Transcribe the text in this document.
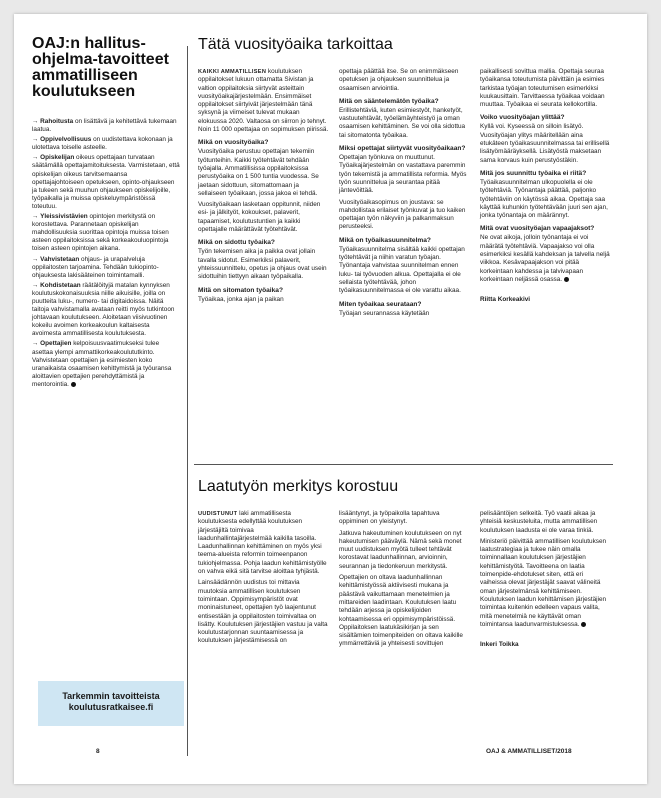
OAJ:n hallitus-ohjelma-tavoitteet ammatilliseen koulutukseen

→ Rahoitusta on lisättävä ja kehitettävä tukemaan laatua.

→ Oppivelvollisuus on uudistettava kokonaan ja ulotettava toiselle asteelle.

→ Opiskelijan oikeus opettajaan turvataan säätämällä opettajamitoituksesta. Varmistetaan, että opiskelijan oikeus tarvitsemaansa opettajajohtoiseen opetukseen, opinto-ohjaukseen ja tukeen sekä muuhun ohjaukseen opiskelijoille, työpaikalla ja muissa opiskeluympäristöissä toteutuu.

→ Yleissivistävien opintojen merkitystä on korostettava. Parannetaan opiskelijan mahdollisuuksia suorittaa opintoja muissa toisen asteen oppilaitoksissa sekä korkeakouluopintoja toisen asteen opintojen aikana.

→ Vahvistetaan ohjaus- ja urapalveluja oppilaitosten tarjoamina. Tehdään tukiopinto-ohjauksesta lakisääteinen toimintamalli.

→ Kohdistetaan räätälöityjä matalan kynnyksen koulutuskokonaisuuksia niille aikuisille, joilla on puutteita luku-, numero- tai digitaidoissa. Näitä taitoja vahvistamalla avataan reitti myös tutkintoon johtavaan koulutukseen. Aloitetaan viisivuotinen kokeilu avoimen korkeakoulun kaltaisesta avoimesta ammatillisesta koulutuksesta.

→ Opettajien kelpoisuusvaatimukseksi tulee asettaa ylempi ammattikorkeakoulututkinto. Vahvistetaan opettajien ja esimiesten koko uranaikaista osaamisen kehittymistä ja työuransa aloittavien opettajien perehdyttämistä ja mentorointia.

Tarkemmin tavoitteista
koulutusratkaisee.fi
Tätä vuosityöaika tarkoittaa

KAIKKI AMMATILLISEN koulutuksen oppilaitokset lukuun ottamatta Sivistan ja valtion oppilaitoksia siirtyvät asteittain vuosityöaikajärjestelmään. Ensimmäiset oppilaitokset siirtyivät järjestelmään tänä syksynä ja viimeiset tulevat mukaan elokuussa 2020. Valtaosa on siirron jo tehnyt. Noin 11 000 opettajaa on sopimuksen piirissä.

Mikä on vuosityöaika?

Vuosityöaika perustuu opettajan tekemiin työtunteihin. Kaikki työtehtävät tehdään työajalla. Ammatillisissa oppilaitoksissa perustyöaika on 1 500 tuntia vuodessa. Se jaetaan sidottuun, sitomattomaan ja sellaiseen työaikaan, jossa jakoa ei tehdä.

Vuosityöaikaan lasketaan oppitunnit, niiden esi- ja jälkityöt, kokoukset, palaverit, tapaamiset, koulutustuntien ja kaikki opettajalle määrättävät työtehtävät.

Mikä on sidottu työaika?

Työn tekemisen aika ja paikka ovat jollain tavalla sidotut. Esimerkiksi palaverit, yhteissuunnittelu, opetus ja ohjaus ovat usein sidottuihin tiettyyn aikaan työpaikalla.

Mitä on sitomaton työaika?

Työaikaa, jonka ajan ja paikan

opettaja päättää itse. Se on enimmäkseen opetuksen ja ohjauksen suunnittelua ja osaamisen arviointia.

Mitä on sääntelemätön työaika?

Erillistehtäviä, kuten esimiestyöt, hanketyöt, vastuutehtävät, työelämäyhteistyö ja oman osaamisen kehittäminen. Se voi olla sidottua tai sitomatonta työaikaa.

Miksi opettajat siirtyvät vuosityöaikaan?

Opettajan työnkuva on muuttunut. Työaikajärjestelmän on vastattava paremmin työn tekemistä ja ammatillista reformia. Myös työn suunnittelua ja seurantaa pitää jäntevöittää.

Vuosityöaikasopimus on joustava: se mahdollistaa erilaiset työnkuvat ja tuo kaiken opettajan työn näkyviin ja palkanmaksun perusteeksi.

Mikä on työaikasuunnitelma?

Työaikasuunnitelma sisältää kaikki opettajan työtehtävät ja niihin varatun työajan. Työnantaja vahvistaa suunnitelman ennen luku- tai työvuoden alkua. Opettajalla ei ole sellaista työtehtävää, johon työaikasuunnitelmassa ei ole varattu aikaa.

Miten työaikaa seurataan?

Työajan seurannassa käytetään

paikallisesti sovittua mallia. Opettaja seuraa työaikansa toteutumista päivittäin ja esimies tarkistaa työajan toteutumisen esimerkiksi kuukausittain. Tarvittaessa työaikaa voidaan muuttaa. Työaikaa ei seurata kellokortilla.

Voiko vuosityöajan ylittää?

Kyllä voi. Kyseessä on silloin lisätyö. Vuosityöajan ylitys määritellään aina etukäteen työaikasuunnitelmassa tai erillisellä lisätyömääräyksellä. Lisätyöstä maksetaan sama korvaus kuin perustyöstäkin.

Mitä jos suunnittu työaika ei riitä?

Työaikasuunnitelman ulkopuolella ei ole työtehtäviä. Työnantaja päättää, paljonko työtehtäviin on käytössä aikaa. Opettaja saa käyttää kuhunkin työtehtävään juuri sen ajan, jonka työnantaja on määrännyt.

Mitä ovat vuosityöajan vapaajaksot?

Ne ovat aikoja, jolloin työnantaja ei voi määrätä työtehtäviä. Vapaajakso voi olla esimerkiksi kesällä kahdeksan ja talvella neljä viikkoa. Kesävapaajakson voi pitää korkeintaan kahdessa ja talvivapaan korkeintaan neljässä osassa.

Riitta Korkeakivi

Laatutyön merkitys korostuu

UUDISTUNUT laki ammatillisesta koulutuksesta edellyttää koulutuksen järjestäjiltä toimivaa laadunhallintajärjestelmää kaikilla tasoilla. Laadunhallinnan kehittäminen on myös yksi teema-alueista reformin toimeenpanon tukiohjelmassa. Pohja laadun kehittämistyölle on vahva eikä sitä tarvitse aloittaa tyhjästä.

Lainsäädännön uudistus toi mittavia muutoksia ammatillisen koulutuksen toimintaan. Oppimisympäristöt ovat moninaistuneet, opettajien työ laajentunut entisestään ja oppilaitosten toimivaltaa on lisätty. Koulutuksen järjestäjien vastuu ja valta koulutustarjonnan suuntaamisessa ja koulutuksen järjestämisessä on

lisääntynyt, ja työpaikolla tapahtuva oppiminen on yleistynyt.

Jatkuva hakeutuminen koulutukseen on nyt hakeutumisen pääväylä. Nämä sekä monet muut uudistuksen myötä tulleet tehtävät korostavat laadunhallinnan, arvioinnin, seurannan ja tiedonkeruun merkitystä.

Opettajien on oltava laadunhallinnan kehittämistyössä aktiivisesti mukana ja päästävä vaikuttamaan menetelmien ja mittareiden laadintaan. Koulutuksen laatu tehdään arjessa ja opiskelijoiden kohtaamisessa eri oppimisympäristöissä. Oppilaitoksen laatukäsikirjan ja sen sisältämien toimenpiteiden on oltava kaikille ymmärrettäviä ja yhteisesti sovittujen

pelisääntöjen selkeitä. Työ vaatii aikaa ja yhteisiä keskusteluita, mutta ammatillisen koulutuksen laadusta ei ole varaa tinkiä.

Ministeriö päivittää ammatillisen koulutuksen laatustrategiaa ja tukee näin omalla toiminnallaan koulutuksen järjestäjien kehittämistyötä. Tavoitteena on laatia toimenpide-ehdotukset siten, että eri vaiheissa olevat järjestäjät saavat välineitä oman järjestelmänsä kehittämiseen. Koulutuksen laadun kehittämisen järjestäjien toimintaa kuitenkin edelleen vapaus valita, mitä menetelmiä ne käyttävät oman toimintansa laadunvarmistuksessa.

Inkeri Toikka

8	OAJ & AMMATILLISET/2018
